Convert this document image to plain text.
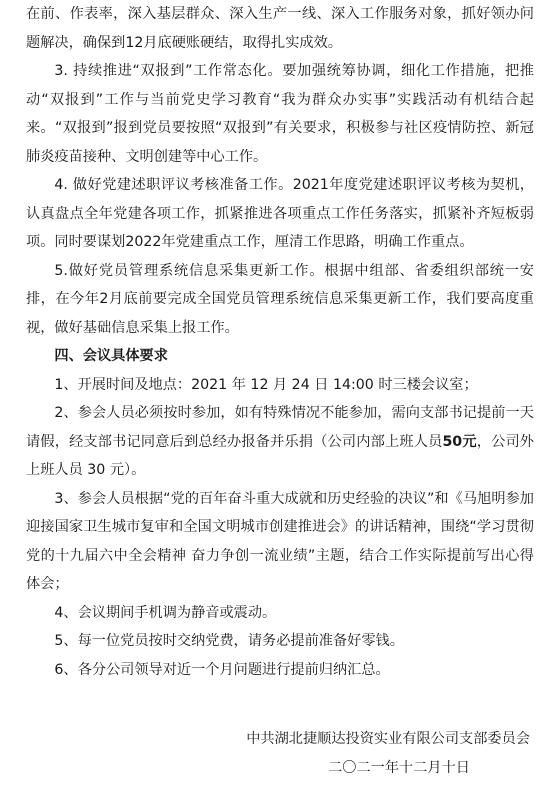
在前、作表率，深入基层群众、深入生产一线、深入工作服务对象，抓好领办问题解决，确保到12月底硬账硬结，取得扎实成效。

3. 持续推进“双报到”工作常态化。要加强统筹协调，细化工作措施，把推动“双报到”工作与当前党史学习教育“我为群众办实事”实践活动有机结合起来。“双报到”报到党员要按照“双报到”有关要求，积极参与社区疫情防控、新冠肺炎疫苗接种、文明创建等中心工作。

4. 做好党建述职评议考核准备工作。2021年度党建述职评议考核为契机，认真盘点全年党建各项工作，抓紧推进各项重点工作任务落实，抓紧补齐短板弱项。同时要谋划2022年党建重点工作，厘清工作思路，明确工作重点。

5.做好党员管理系统信息采集更新工作。根据中组部、省委组织部统一安排，在今年2月底前要完成全国党员管理系统信息采集更新工作，我们要高度重视，做好基础信息采集上报工作。

四、会议具体要求

1、开展时间及地点：2021 年 12 月 24 日 14:00 时三楼会议室；

2、参会人员必须按时参加，如有特殊情况不能参加，需向支部书记提前一天请假，经支部书记同意后到总经办报备并乐捐（公司内部上班人员50元，公司外上班人员 30 元）。

3、参会人员根据“党的百年奋斗重大成就和历史经验的决议”和《马旭明参加迎接国家卫生城市复审和全国文明城市创建推进会》的讲话精神，围绕“学习贯彻党的十九届六中全会精神 奋力争创一流业绩”主题，结合工作实际提前写出心得体会；

4、会议期间手机调为静音或震动。

5、每一位党员按时交纳党费，请务必提前准备好零钱。

6、各分公司领导对近一个月问题进行提前归纳汇总。

中共湖北捷顺达投资实业有限公司支部委员会
二〇二一年十二月十日
